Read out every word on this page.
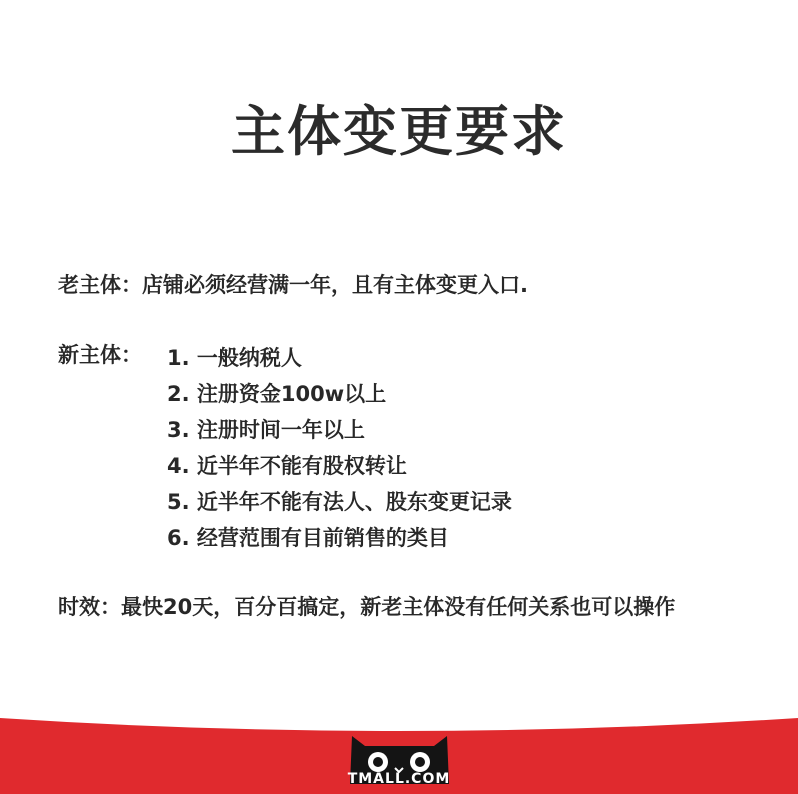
主体变更要求
老主体：店铺必须经营满一年，且有主体变更入口.
新主体： 1. 一般纳税人
2. 注册资金100w以上
3. 注册时间一年以上
4. 近半年不能有股权转让
5. 近半年不能有法人、股东变更记录
6. 经营范围有目前销售的类目
时效：最快20天，百分百搞定，新老主体没有任何关系也可以操作
TMALL.COM
